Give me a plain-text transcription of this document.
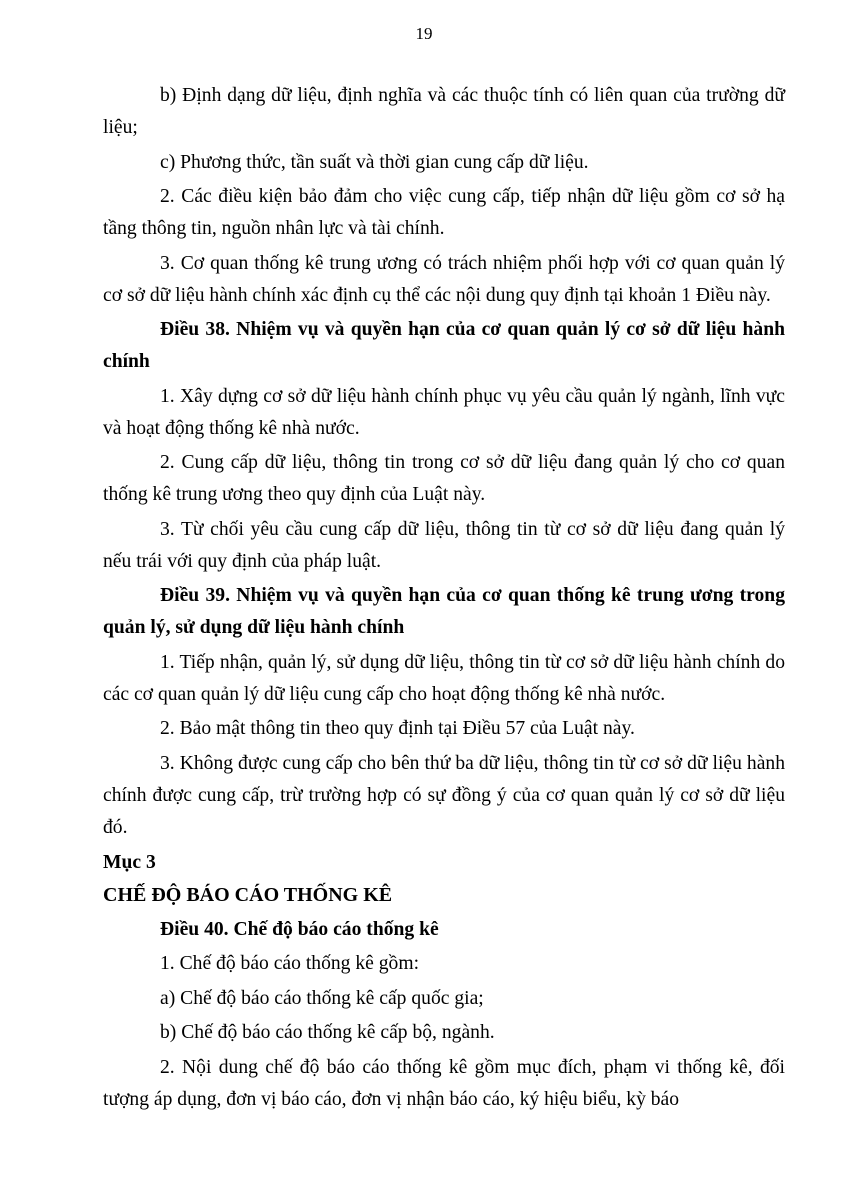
19

b) Định dạng dữ liệu, định nghĩa và các thuộc tính có liên quan của trường dữ liệu;

c) Phương thức, tần suất và thời gian cung cấp dữ liệu.

2. Các điều kiện bảo đảm cho việc cung cấp, tiếp nhận dữ liệu gồm cơ sở hạ tầng thông tin, nguồn nhân lực và tài chính.

3. Cơ quan thống kê trung ương có trách nhiệm phối hợp với cơ quan quản lý cơ sở dữ liệu hành chính xác định cụ thể các nội dung quy định tại khoản 1 Điều này.

Điều 38. Nhiệm vụ và quyền hạn của cơ quan quản lý cơ sở dữ liệu hành chính

1. Xây dựng cơ sở dữ liệu hành chính phục vụ yêu cầu quản lý ngành, lĩnh vực và hoạt động thống kê nhà nước.

2. Cung cấp dữ liệu, thông tin trong cơ sở dữ liệu đang quản lý cho cơ quan thống kê trung ương theo quy định của Luật này.

3. Từ chối yêu cầu cung cấp dữ liệu, thông tin từ cơ sở dữ liệu đang quản lý nếu trái với quy định của pháp luật.

Điều 39. Nhiệm vụ và quyền hạn của cơ quan thống kê trung ương trong quản lý, sử dụng dữ liệu hành chính

1. Tiếp nhận, quản lý, sử dụng dữ liệu, thông tin từ cơ sở dữ liệu hành chính do các cơ quan quản lý dữ liệu cung cấp cho hoạt động thống kê nhà nước.

2. Bảo mật thông tin theo quy định tại Điều 57 của Luật này.

3. Không được cung cấp cho bên thứ ba dữ liệu, thông tin từ cơ sở dữ liệu hành chính được cung cấp, trừ trường hợp có sự đồng ý của cơ quan quản lý cơ sở dữ liệu đó.

Mục 3

CHẾ ĐỘ BÁO CÁO THỐNG KÊ

Điều 40. Chế độ báo cáo thống kê

1. Chế độ báo cáo thống kê gồm:

a) Chế độ báo cáo thống kê cấp quốc gia;

b) Chế độ báo cáo thống kê cấp bộ, ngành.

2. Nội dung chế độ báo cáo thống kê gồm mục đích, phạm vi thống kê, đối tượng áp dụng, đơn vị báo cáo, đơn vị nhận báo cáo, ký hiệu biểu, kỳ báo
